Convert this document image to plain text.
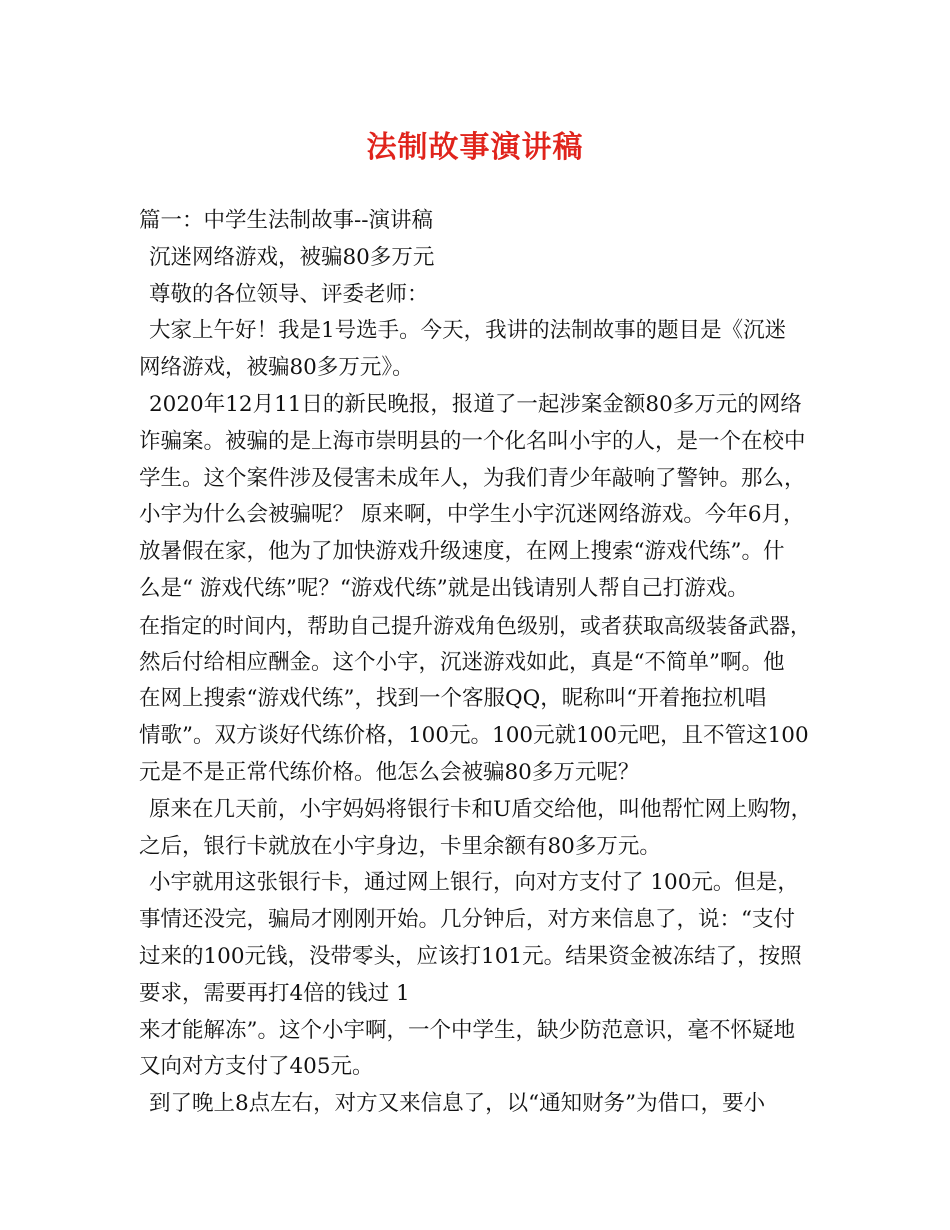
法制故事演讲稿
篇一：中学生法制故事--演讲稿
沉迷网络游戏，被骗80多万元
尊敬的各位领导、评委老师：
大家上午好！我是1号选手。今天，我讲的法制故事的题目是《沉迷
网络游戏，被骗80多万元》。
2020年12月11日的新民晚报，报道了一起涉案金额80多万元的网络
诈骗案。被骗的是上海市崇明县的一个化名叫小宇的人，是一个在校中
学生。这个案件涉及侵害未成年人，为我们青少年敲响了警钟。那么，
小宇为什么会被骗呢？ 原来啊，中学生小宇沉迷网络游戏。今年6月，
放暑假在家，他为了加快游戏升级速度，在网上搜索“游戏代练”。什
么是“ 游戏代练”呢？“游戏代练”就是出钱请别人帮自己打游戏。
在指定的时间内，帮助自己提升游戏角色级别，或者获取高级装备武器，
然后付给相应酬金。这个小宇，沉迷游戏如此，真是“不简单”啊。他
在网上搜索“游戏代练”，找到一个客服QQ，昵称叫“开着拖拉机唱
情歌”。双方谈好代练价格，100元。100元就100元吧，且不管这100
元是不是正常代练价格。他怎么会被骗80多万元呢？
原来在几天前，小宇妈妈将银行卡和U盾交给他，叫他帮忙网上购物，
之后，银行卡就放在小宇身边，卡里余额有80多万元。
小宇就用这张银行卡，通过网上银行，向对方支付了 100元。但是，
事情还没完，骗局才刚刚开始。几分钟后，对方来信息了，说：“支付
过来的100元钱，没带零头，应该打101元。结果资金被冻结了，按照
要求，需要再打4倍的钱过 1
来才能解冻”。这个小宇啊，一个中学生，缺少防范意识，毫不怀疑地
又向对方支付了405元。
到了晚上8点左右，对方又来信息了，以“通知财务”为借口，要小
